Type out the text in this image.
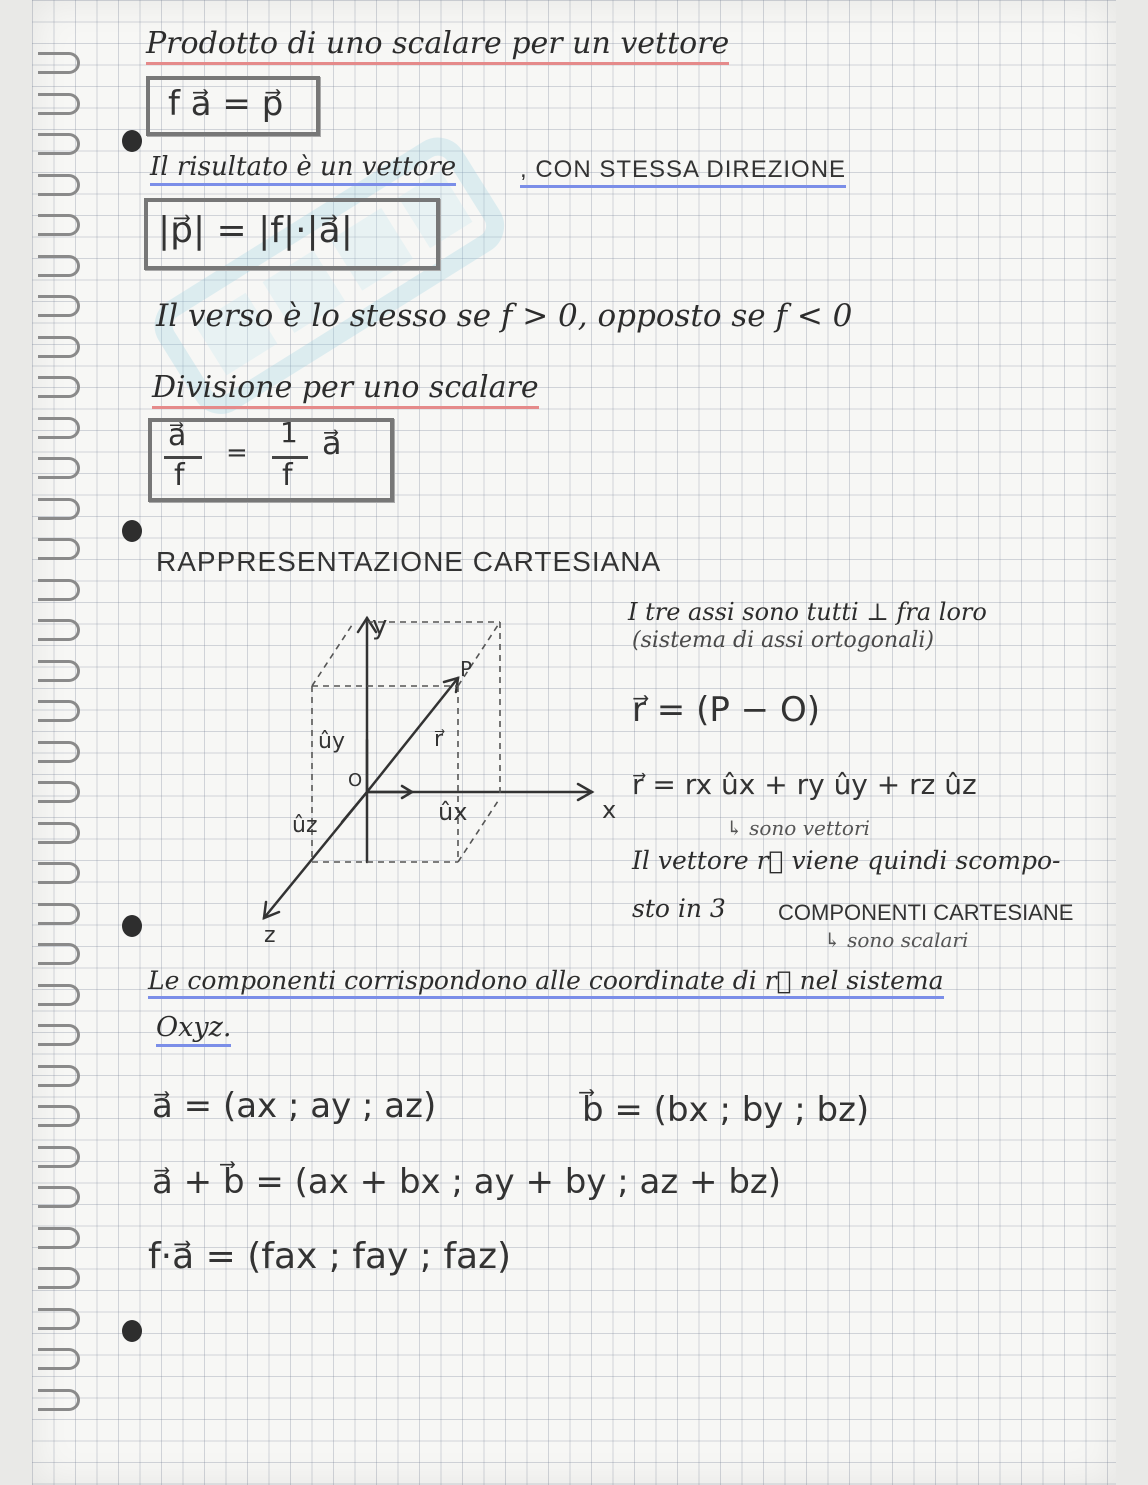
Prodotto di uno scalare per un vettore
f a⃗ = p⃗
Il risultato è un vettore	, CON STESSA DIREZIONE
|p⃗| = |f|·|a⃗|
Il verso è lo stesso se f > 0, opposto se f < 0
Divisione per uno scalare
a⃗
f
=
1
f
a⃗
RAPPRESENTAZIONE CARTESIANA
y
x
z
O
P
r⃗
ûx
ûy
ûz
I tre assi sono tutti ⊥ fra loro
(sistema di assi ortogonali)
r⃗ = (P − O)
r⃗ = rx ûx + ry ûy + rz ûz
↳ sono vettori
Il vettore r⃗ viene quindi scompo-
sto in 3 COMPONENTI CARTESIANE
↳ sono scalari
Le componenti corrispondono alle coordinate di r⃗ nel sistema
Oxyz.
a⃗ = (ax ; ay ; az)	b⃗ = (bx ; by ; bz)
a⃗ + b⃗ = (ax + bx ; ay + by ; az + bz)
f·a⃗ = (fax ; fay ; faz)
